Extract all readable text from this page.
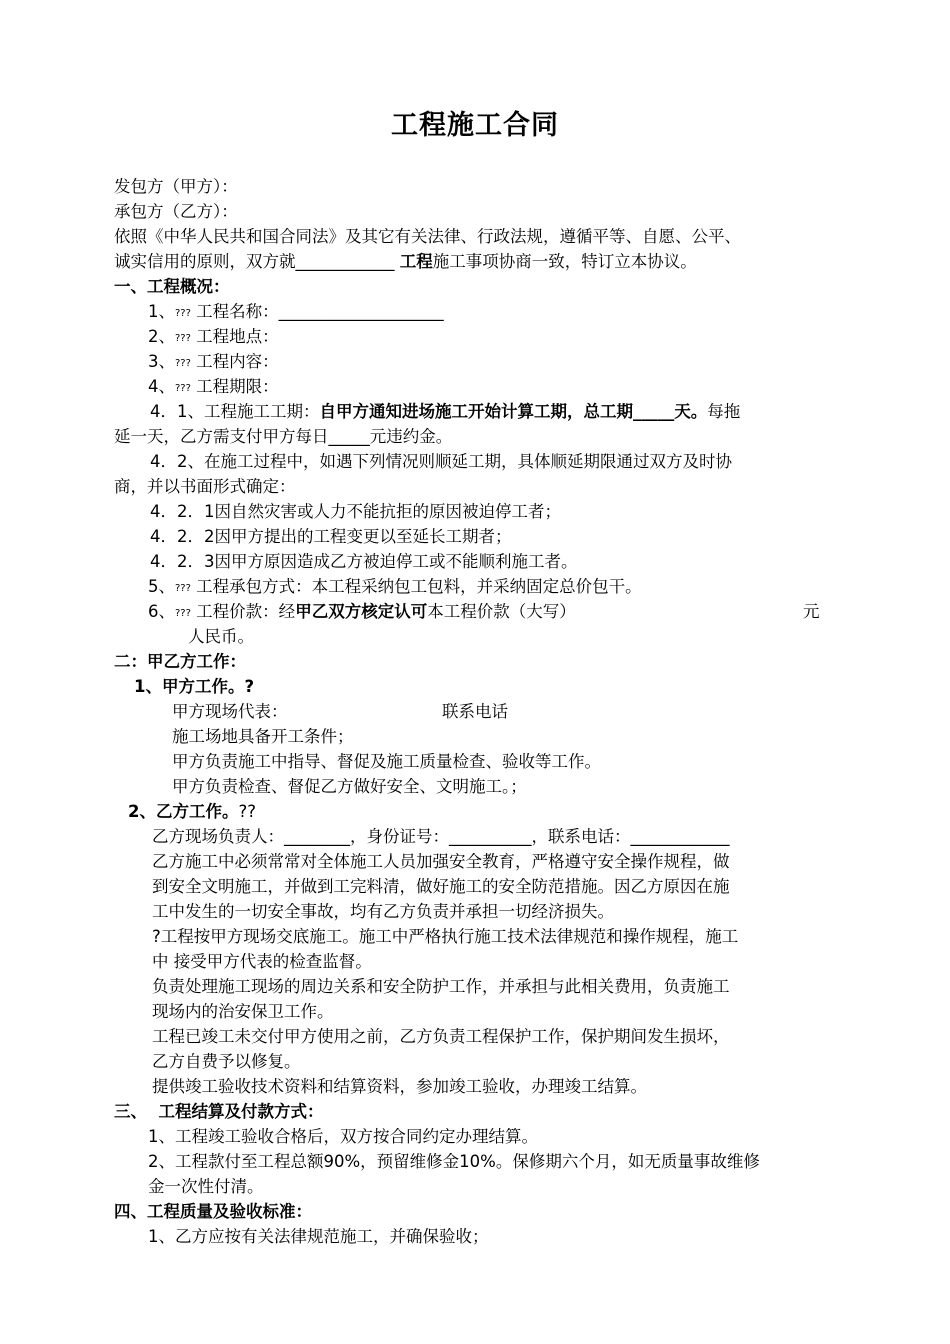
工程施工合同
发包方（甲方）：
承包方（乙方）：
依照《中华人民共和国合同法》及其它有关法律、行政法规，遵循平等、自愿、公平、
诚实信用的原则，双方就____________ 工程施工事项协商一致，特订立本协议。
一、工程概况：
1、??? 工程名称：____________________
2、??? 工程地点：
3、??? 工程内容：
4、??? 工程期限：
4．1、工程施工工期：自甲方通知进场施工开始计算工期，总工期_____天。每拖
延一天，乙方需支付甲方每日_____元违约金。
4．2、在施工过程中，如遇下列情况则顺延工期，具体顺延期限通过双方及时协
商，并以书面形式确定：
4．2．1因自然灾害或人力不能抗拒的原因被迫停工者；
4．2．2因甲方提出的工程变更以至延长工期者；
4．2．3因甲方原因造成乙方被迫停工或不能顺利施工者。
5、??? 工程承包方式：本工程采纳包工包料，并采纳固定总价包干。
6、??? 工程价款：经甲乙双方核定认可本工程价款（大写）	元
人民币。
二：甲乙方工作：
1、甲方工作。?
甲方现场代表：	联系电话
施工场地具备开工条件；
甲方负责施工中指导、督促及施工质量检查、验收等工作。
甲方负责检查、督促乙方做好安全、文明施工。；
2、乙方工作。??
乙方现场负责人：________，身份证号：__________，联系电话：____________
乙方施工中必须常常对全体施工人员加强安全教育，严格遵守安全操作规程，做
到安全文明施工，并做到工完料清，做好施工的安全防范措施。因乙方原因在施
工中发生的一切安全事故，均有乙方负责并承担一切经济损失。
?工程按甲方现场交底施工。施工中严格执行施工技术法律规范和操作规程，施工
中 接受甲方代表的检查监督。
负责处理施工现场的周边关系和安全防护工作，并承担与此相关费用，负责施工
现场内的治安保卫工作。
工程已竣工未交付甲方使用之前，乙方负责工程保护工作，保护期间发生损坏，
乙方自费予以修复。
提供竣工验收技术资料和结算资料，参加竣工验收，办理竣工结算。
三、  工程结算及付款方式：
1、工程竣工验收合格后，双方按合同约定办理结算。
2、工程款付至工程总额90%，预留维修金10%。保修期六个月，如无质量事故维修
金一次性付清。
四、工程质量及验收标准：
1、乙方应按有关法律规范施工，并确保验收；
